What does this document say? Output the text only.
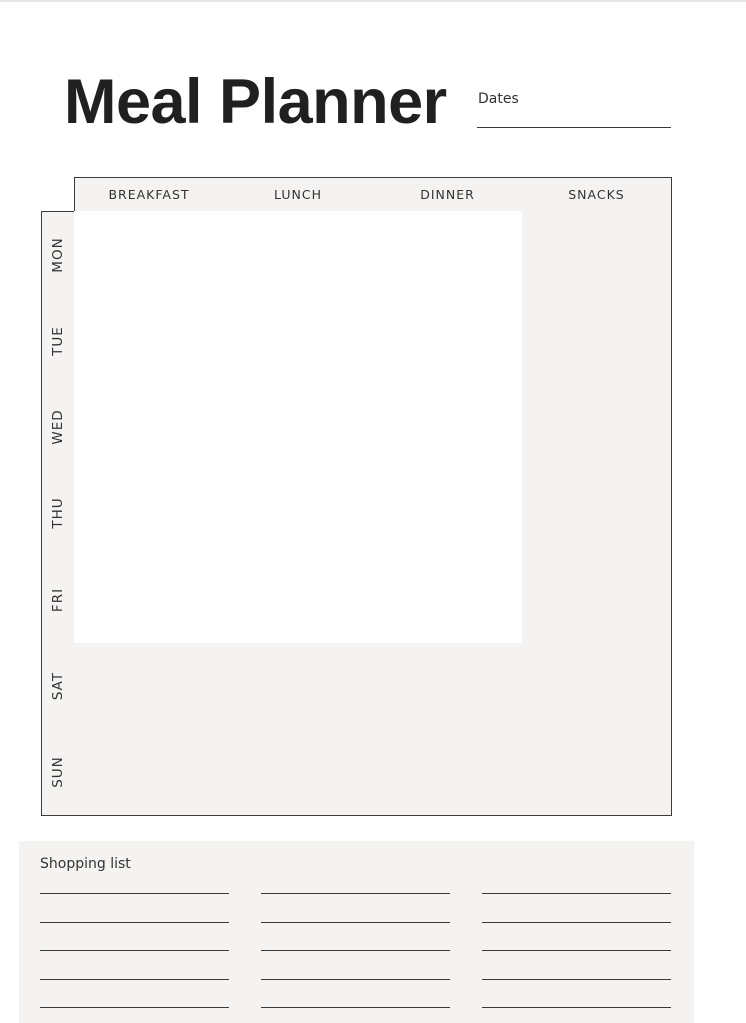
Meal Planner Dates
BREAKFAST	LUNCH	DINNER	SNACKS
MON
TUE
WED
THU
FRI
SAT
SUN
Shopping list
